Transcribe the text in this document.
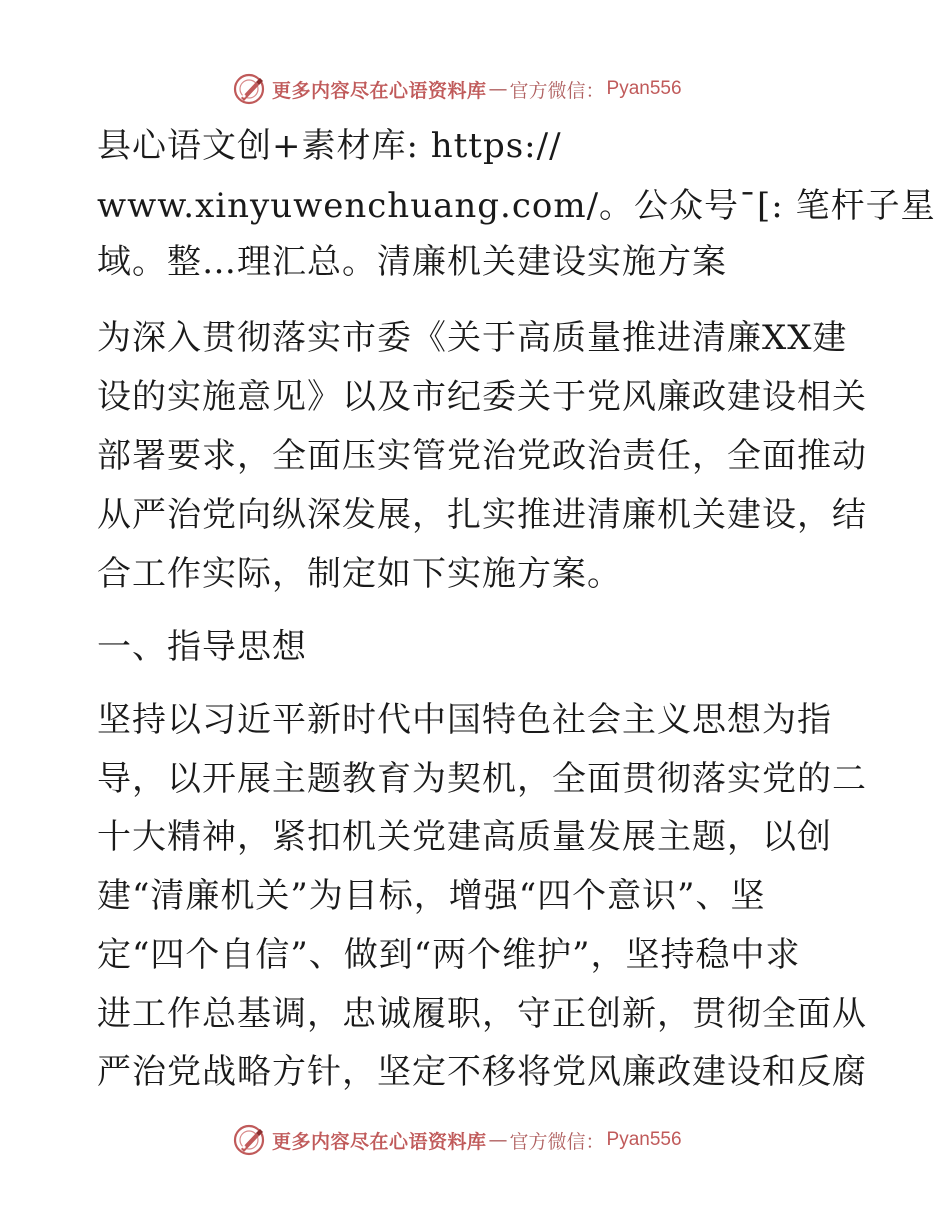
更多内容尽在心语资料库 — 官方微信： Pyan556
县心语文创+素材库: https://
www.xinyuwenchuang.com/。公众号¯[: 笔杆子星
域。整…理汇总。清廉机关建设实施方案
为深入贯彻落实市委《关于高质量推进清廉XX建
设的实施意见》以及市纪委关于党风廉政建设相关
部署要求，全面压实管党治党政治责任，全面推动
从严治党向纵深发展，扎实推进清廉机关建设，结
合工作实际，制定如下实施方案。
一、指导思想
坚持以习近平新时代中国特色社会主义思想为指
导，以开展主题教育为契机，全面贯彻落实党的二
十大精神，紧扣机关党建高质量发展主题，以创
建“清廉机关”为目标，增强“四个意识”、坚
定“四个自信”、做到“两个维护”，坚持稳中求
进工作总基调，忠诚履职，守正创新，贯彻全面从
严治党战略方针，坚定不移将党风廉政建设和反腐
更多内容尽在心语资料库 — 官方微信： Pyan556
